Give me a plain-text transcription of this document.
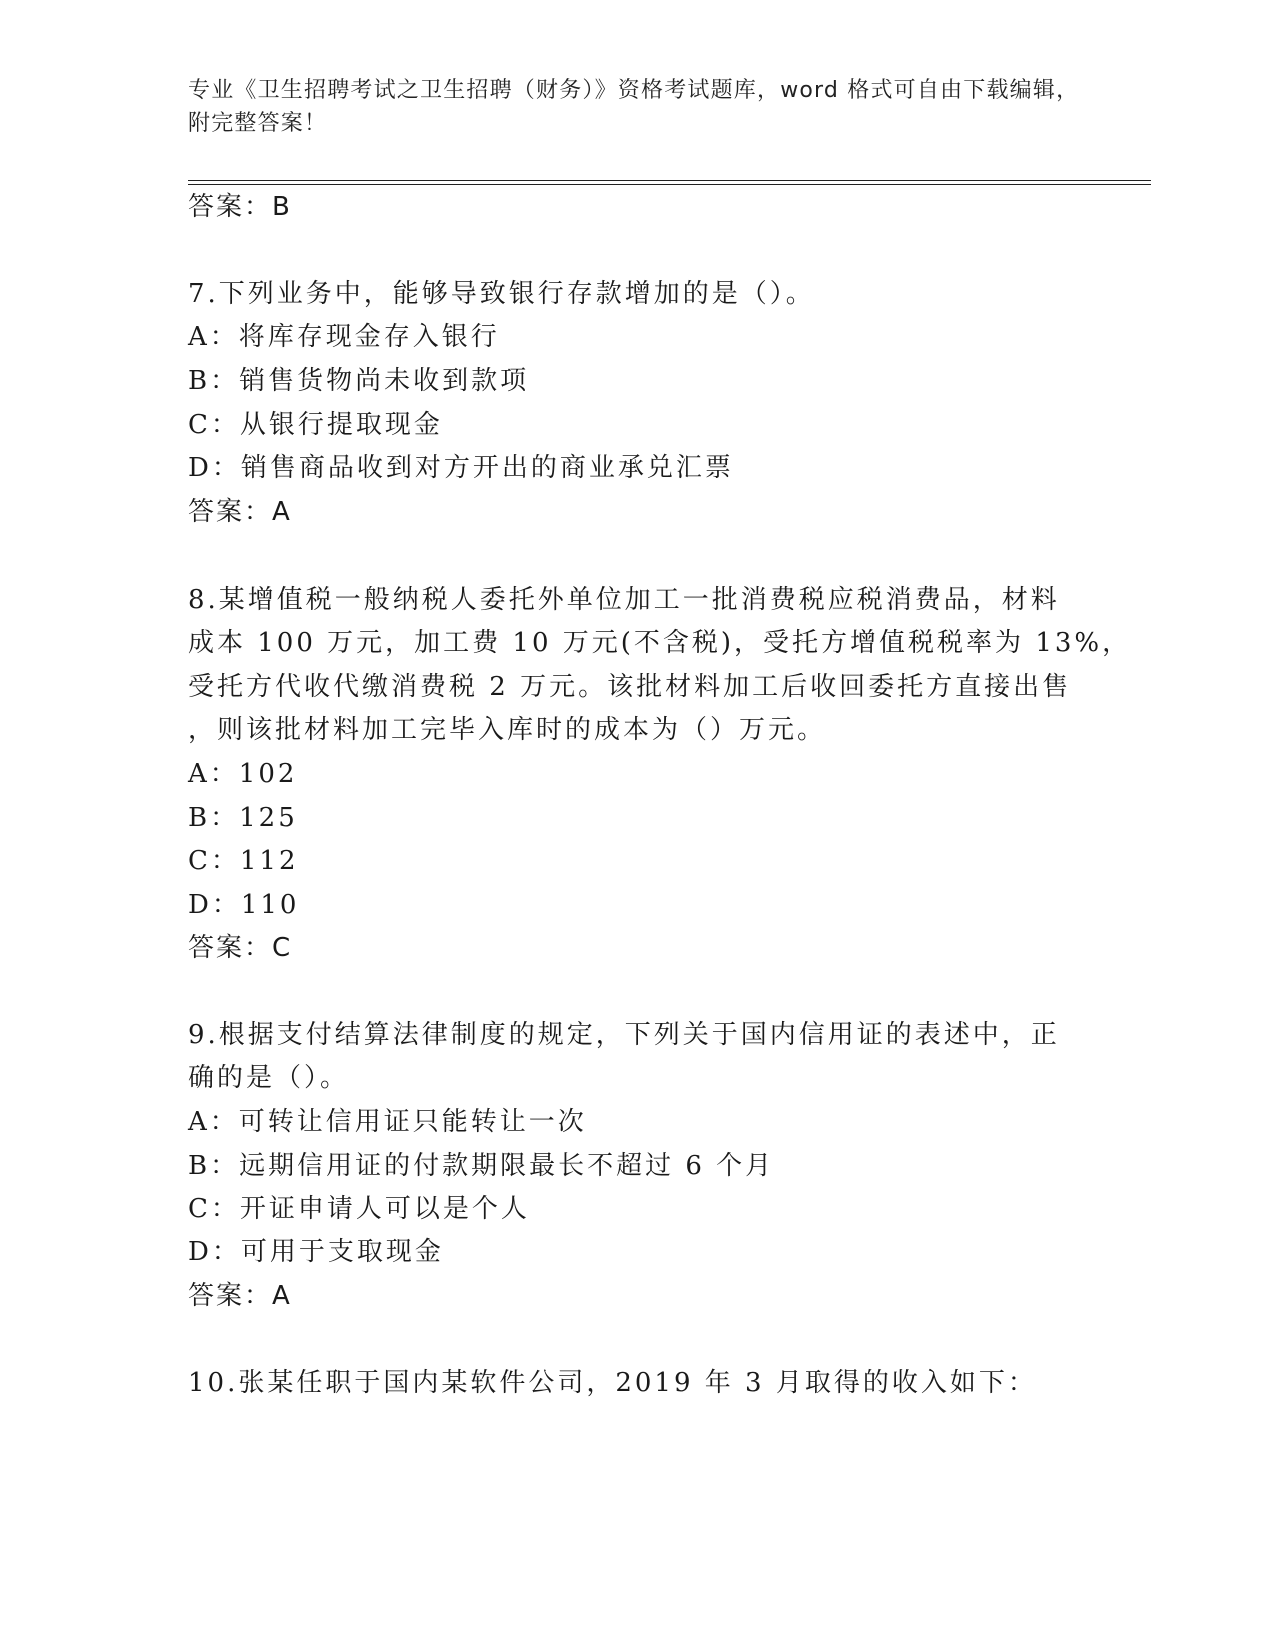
专业《卫生招聘考试之卫生招聘（财务）》资格考试题库，word 格式可自由下载编辑，附完整答案！
答案：B
7.下列业务中，能够导致银行存款增加的是（）。
A：将库存现金存入银行
B：销售货物尚未收到款项
C：从银行提取现金
D：销售商品收到对方开出的商业承兑汇票
答案：A
8.某增值税一般纳税人委托外单位加工一批消费税应税消费品，材料
成本 100 万元，加工费 10 万元(不含税)，受托方增值税税率为 13%，
受托方代收代缴消费税 2 万元。该批材料加工后收回委托方直接出售
，则该批材料加工完毕入库时的成本为（）万元。
A：102
B：125
C：112
D：110
答案：C
9.根据支付结算法律制度的规定，下列关于国内信用证的表述中，正
确的是（）。
A：可转让信用证只能转让一次
B：远期信用证的付款期限最长不超过 6 个月
C：开证申请人可以是个人
D：可用于支取现金
答案：A
10.张某任职于国内某软件公司，2019 年 3 月取得的收入如下：
